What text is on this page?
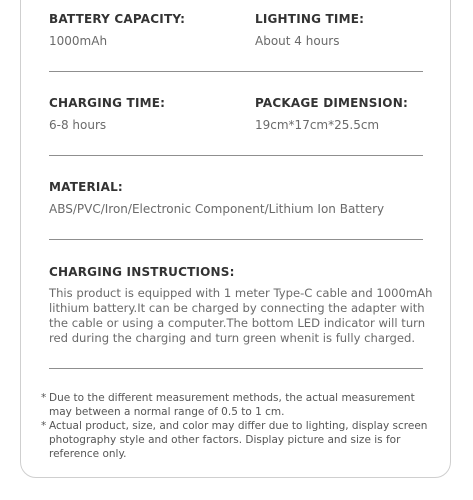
BATTERY CAPACITY:
1000mAh
LIGHTING TIME:
About 4 hours
CHARGING TIME:
6-8 hours
PACKAGE DIMENSION:
19cm*17cm*25.5cm
MATERIAL:
ABS/PVC/Iron/Electronic Component/Lithium Ion Battery
CHARGING INSTRUCTIONS:
This product is equipped with 1 meter Type-C cable and 1000mAh lithium battery.It can be charged by connecting the adapter with the cable or using a computer.The bottom LED indicator will turn red during the charging and turn green whenit is fully charged.
* Due to the different measurement methods, the actual measurement may between a normal range of 0.5 to 1 cm.
* Actual product, size, and color may differ due to lighting, display screen photography style and other factors. Display picture and size is for reference only.
